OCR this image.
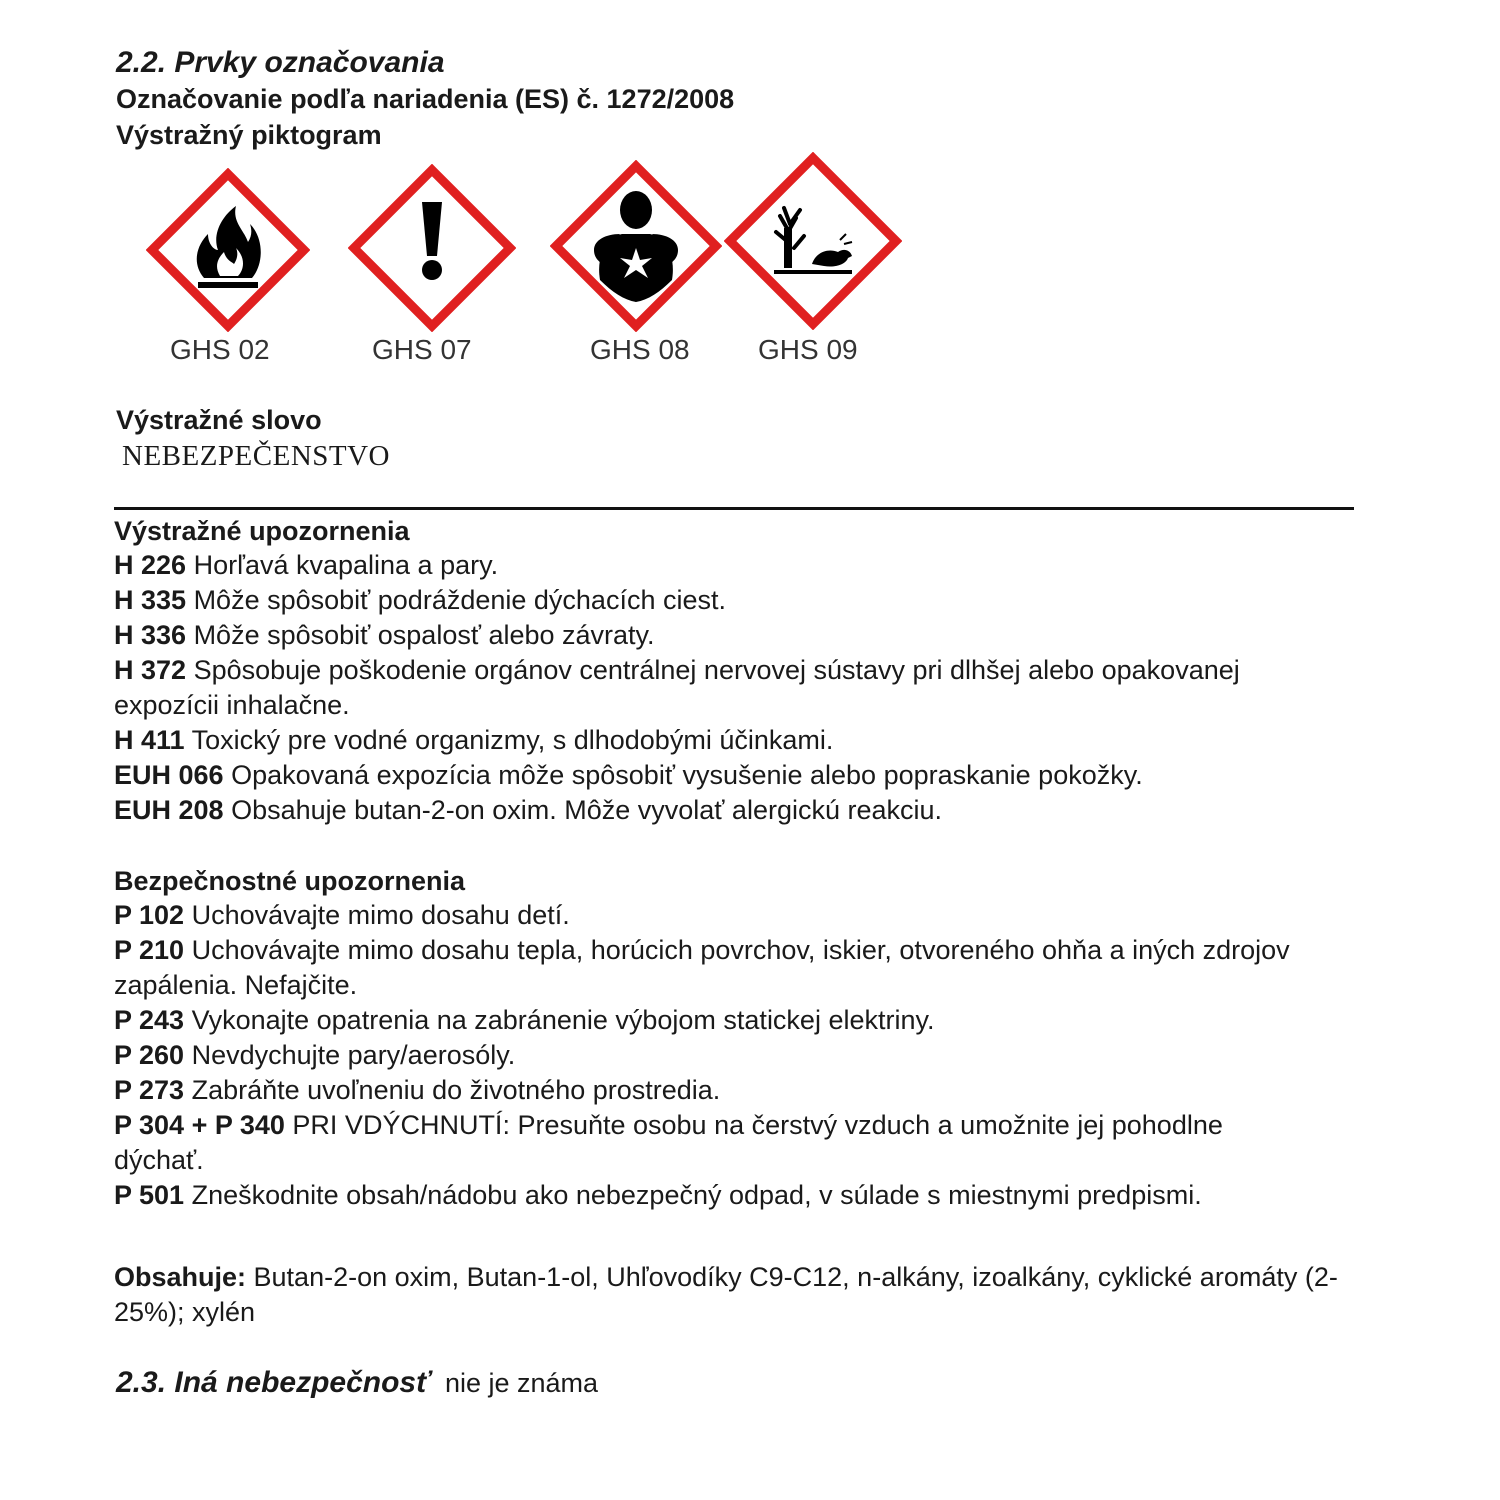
2.2. Prvky označovania
Označovanie podľa nariadenia (ES) č. 1272/2008
Výstražný piktogram
GHS 02	GHS 07	GHS 08 GHS 09
Výstražné slovo
NEBEZPEČENSTVO
Výstražné upozornenia
H 226 Horľavá kvapalina a pary.
H 335 Môže spôsobiť podráždenie dýchacích ciest.
H 336 Môže spôsobiť ospalosť alebo závraty.
H 372 Spôsobuje poškodenie orgánov centrálnej nervovej sústavy pri dlhšej alebo opakovanej expozícii inhalačne.
H 411 Toxický pre vodné organizmy, s dlhodobými účinkami.
EUH 066 Opakovaná expozícia môže spôsobiť vysušenie alebo popraskanie pokožky.
EUH 208 Obsahuje butan-2-on oxim. Môže vyvolať alergickú reakciu.
Bezpečnostné upozornenia
P 102 Uchovávajte mimo dosahu detí.
P 210 Uchovávajte mimo dosahu tepla, horúcich povrchov, iskier, otvoreného ohňa a iných zdrojov zapálenia. Nefajčite.
P 243 Vykonajte opatrenia na zabránenie výbojom statickej elektriny.
P 260 Nevdychujte pary/aerosóly.
P 273 Zabráňte uvoľneniu do životného prostredia.
P 304 + P 340 PRI VDÝCHNUTÍ: Presuňte osobu na čerstvý vzduch a umožnite jej pohodlne dýchať.
P 501 Zneškodnite obsah/nádobu ako nebezpečný odpad, v súlade s miestnymi predpismi.
Obsahuje: Butan-2-on oxim, Butan-1-ol, Uhľovodíky C9-C12, n-alkány, izoalkány, cyklické aromáty (2-25%); xylén
2.3. Iná nebezpečnosť nie je známa
